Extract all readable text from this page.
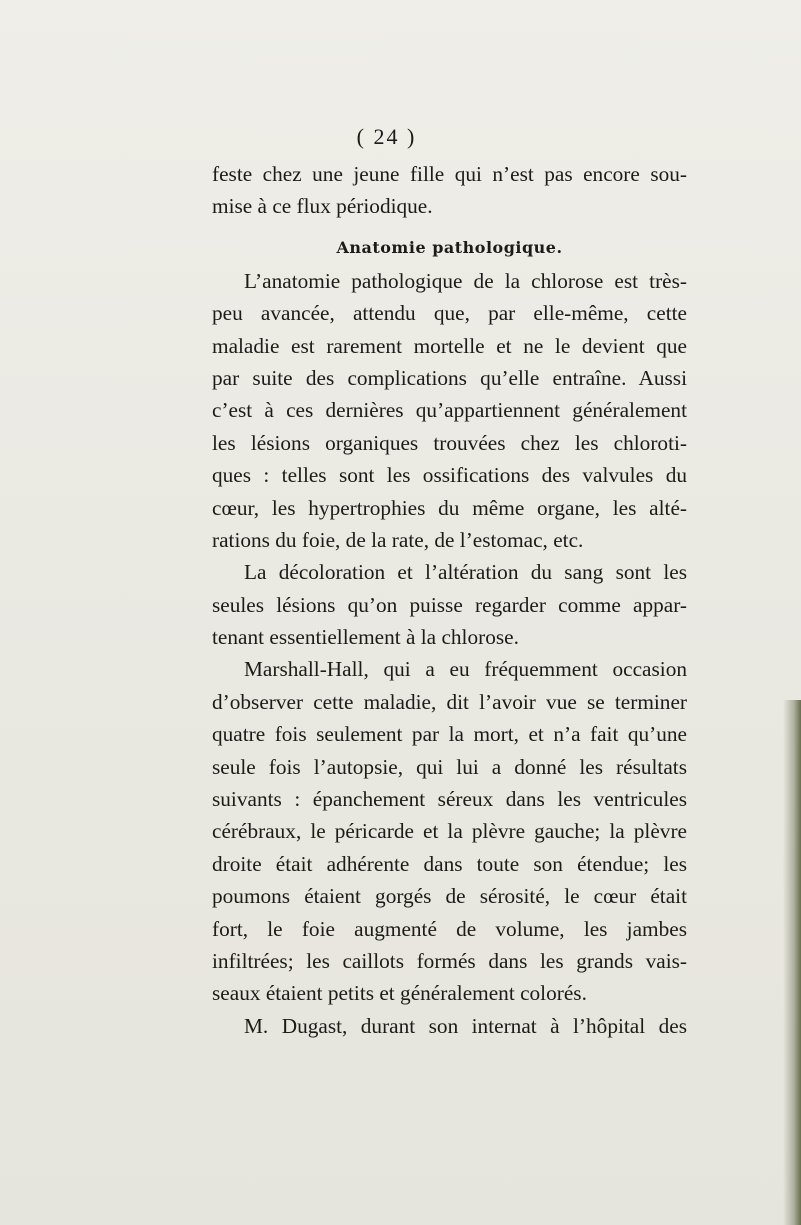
( 24 )
feste chez une jeune fille qui n’est pas encore sou-
mise à ce flux périodique.
Anatomie pathologique.
L’anatomie pathologique de la chlorose est très-
peu avancée, attendu que, par elle-même, cette
maladie est rarement mortelle et ne le devient que
par suite des complications qu’elle entraîne. Aussi
c’est à ces dernières qu’appartiennent généralement
les lésions organiques trouvées chez les chloroti-
ques : telles sont les ossifications des valvules du
cœur, les hypertrophies du même organe, les alté-
rations du foie, de la rate, de l’estomac, etc.
La décoloration et l’altération du sang sont les
seules lésions qu’on puisse regarder comme appar-
tenant essentiellement à la chlorose.
Marshall-Hall, qui a eu fréquemment occasion
d’observer cette maladie, dit l’avoir vue se terminer
quatre fois seulement par la mort, et n’a fait qu’une
seule fois l’autopsie, qui lui a donné les résultats
suivants : épanchement séreux dans les ventricules
cérébraux, le péricarde et la plèvre gauche; la plèvre
droite était adhérente dans toute son étendue; les
poumons étaient gorgés de sérosité, le cœur était
fort, le foie augmenté de volume, les jambes
infiltrées; les caillots formés dans les grands vais-
seaux étaient petits et généralement colorés.
M. Dugast, durant son internat à l’hôpital des
